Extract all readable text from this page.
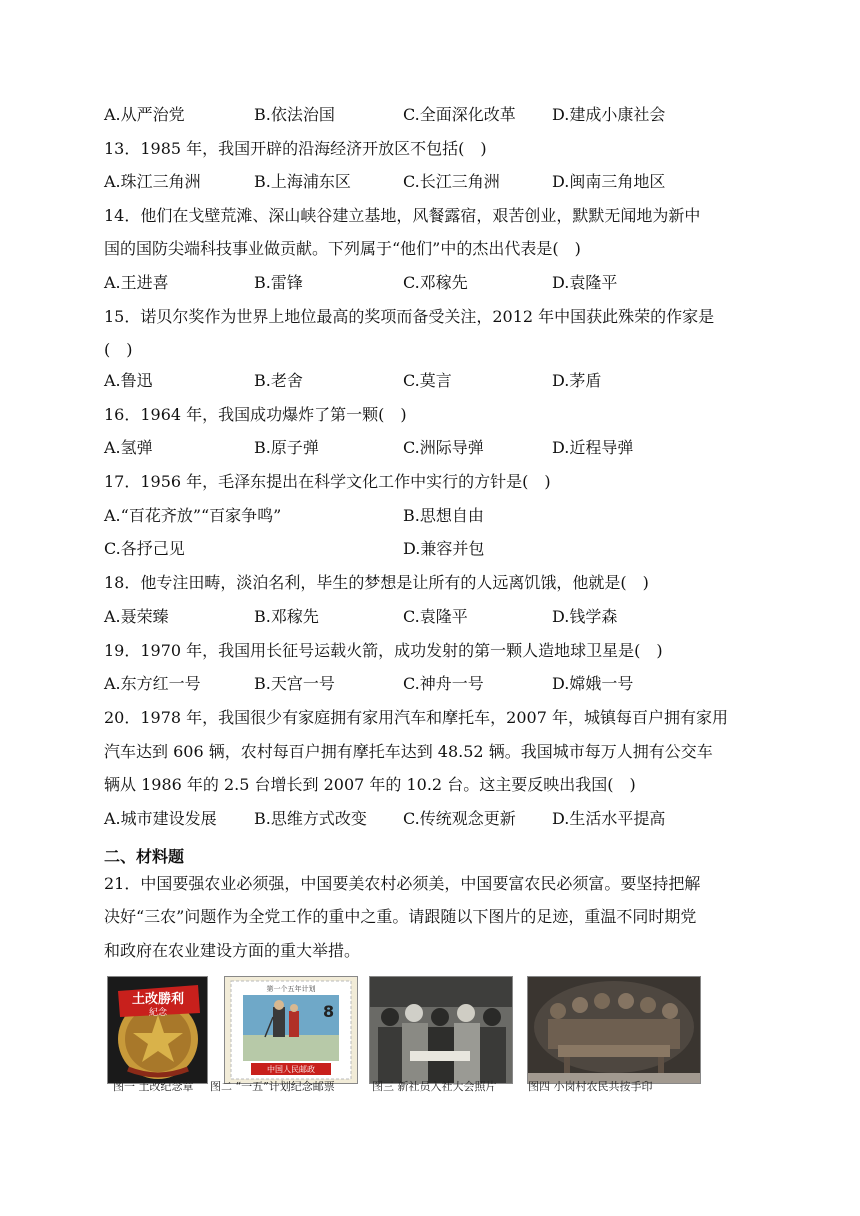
A.从严治党	B.依法治国	C.全面深化改革 D.建成小康社会
13．1985 年，我国开辟的沿海经济开放区不包括(　)
A.珠江三角洲	B.上海浦东区	C.长江三角洲	D.闽南三角地区
14．他们在戈壁荒滩、深山峡谷建立基地，风餐露宿，艰苦创业，默默无闻地为新中
国的国防尖端科技事业做贡献。下列属于“他们”中的杰出代表是(　)
A.王进喜	B.雷锋	C.邓稼先	D.袁隆平
15．诺贝尔奖作为世界上地位最高的奖项而备受关注，2012 年中国获此殊荣的作家是
(　)
A.鲁迅	B.老舍	C.莫言	D.茅盾
16．1964 年，我国成功爆炸了第一颗(　)
A.氢弹	B.原子弹	C.洲际导弹	D.近程导弹
17．1956 年，毛泽东提出在科学文化工作中实行的方针是(　)
A.“百花齐放”“百家争鸣”	B.思想自由
C.各抒己见	D.兼容并包
18．他专注田畴，淡泊名利，毕生的梦想是让所有的人远离饥饿，他就是(　)
A.聂荣臻	B.邓稼先	C.袁隆平	D.钱学森
19．1970 年，我国用长征号运载火箭，成功发射的第一颗人造地球卫星是(　)
A.东方红一号	B.天宫一号	C.神舟一号	D.嫦娥一号
20．1978 年，我国很少有家庭拥有家用汽车和摩托车，2007 年，城镇每百户拥有家用
汽车达到 606 辆，农村每百户拥有摩托车达到 48.52 辆。我国城市每万人拥有公交车
辆从 1986 年的 2.5 台增长到 2007 年的 10.2 台。这主要反映出我国(　)
A.城市建设发展 B.思维方式改变 C.传统观念更新 D.生活水平提高
二、材料题
21．中国要强农业必须强，中国要美农村必须美，中国要富农民必须富。要坚持把解
决好“三农”问题作为全党工作的重中之重。请跟随以下图片的足迹，重温不同时期党
和政府在农业建设方面的重大举措。
土改勝利
紀念
第一个五年计划
8
中国人民邮政
图一 土改纪念章 图二 “一五”计划纪念邮票	图三 新社员入社大会照片	图四 小岗村农民共按手印
